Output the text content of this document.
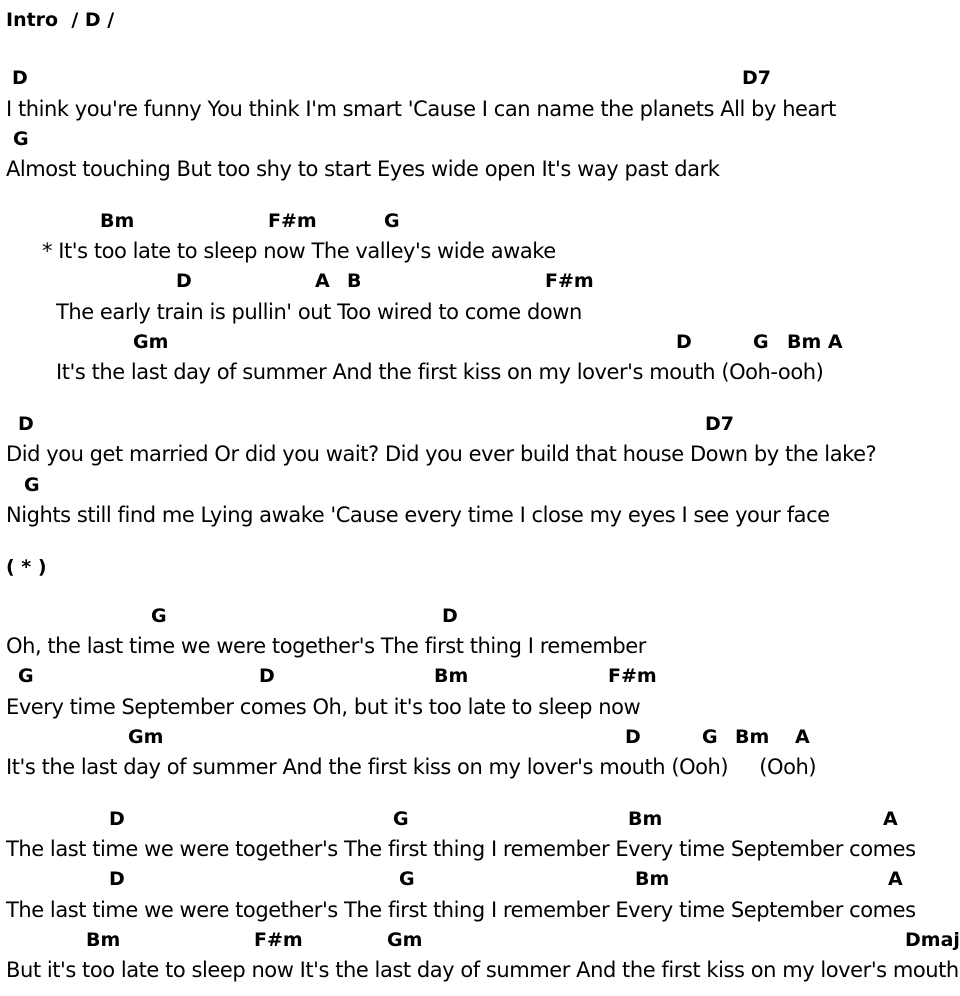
Intro  / D /
D	D7
I think you're funny You think I'm smart 'Cause I can name the planets All by heart
G
Almost touching But too shy to start Eyes wide open It's way past dark
Bm	F#m	G
* It's too late to sleep now The valley's wide awake
D	A B	F#m
The early train is pullin' out Too wired to come down
Gm	D	G Bm A
It's the last day of summer And the first kiss on my lover's mouth (Ooh-ooh)
D	D7
Did you get married Or did you wait? Did you ever build that house Down by the lake?
G
Nights still find me Lying awake 'Cause every time I close my eyes I see your face
( * )
G	D
Oh, the last time we were together's The first thing I remember
G	D	Bm	F#m
Every time September comes Oh, but it's too late to sleep now
Gm	D	G Bm A
It's the last day of summer And the first kiss on my lover's mouth (Ooh)     (Ooh)
D	G	Bm	A
The last time we were together's The first thing I remember Every time September comes
D	G	Bm	A
The last time we were together's The first thing I remember Every time September comes
Bm	F#m	Gm	Dmaj
But it's too late to sleep now It's the last day of summer And the first kiss on my lover's mouth
